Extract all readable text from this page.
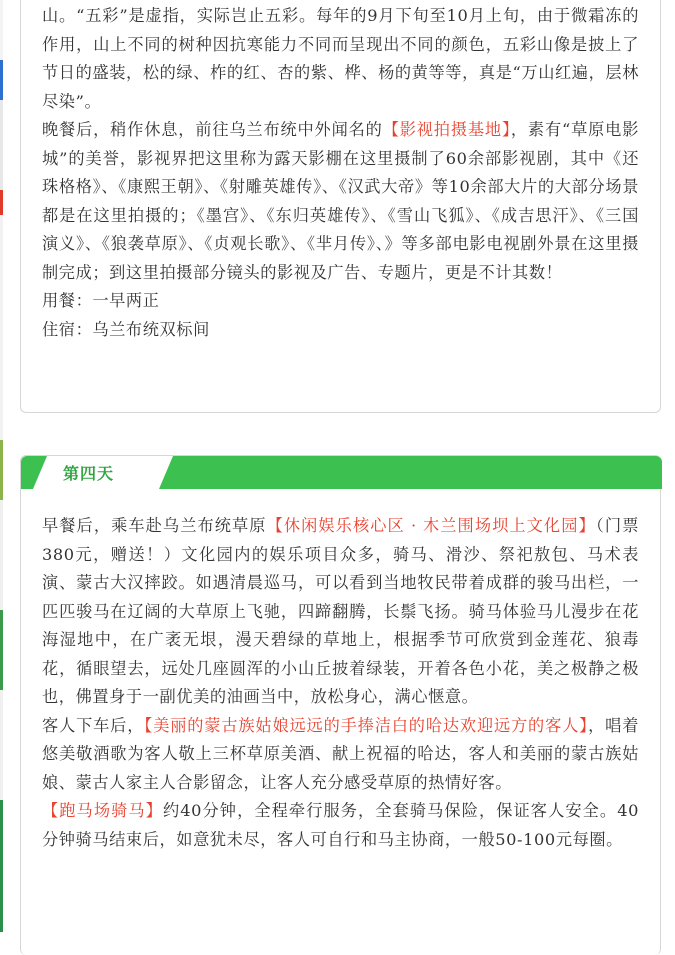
山。“五彩”是虚指，实际岂止五彩。每年的9月下旬至10月上旬，由于微霜冻的作用，山上不同的树种因抗寒能力不同而呈现出不同的颜色，五彩山像是披上了节日的盛装，松的绿、柞的红、杏的紫、桦、杨的黄等等，真是“万山红遍，层林尽染”。

晚餐后，稍作休息，前往乌兰布统中外闻名的【影视拍摄基地】，素有“草原电影城”的美誉，影视界把这里称为露天影棚在这里摄制了60余部影视剧，其中《还珠格格》、《康熙王朝》、《射雕英雄传》、《汉武大帝》等10余部大片的大部分场景都是在这里拍摄的；《墨宫》、《东归英雄传》、《雪山飞狐》、《成吉思汗》、《三国演义》、《狼袭草原》、《贞观长歌》、《芈月传》、》等多部电影电视剧外景在这里摄制完成；到这里拍摄部分镜头的影视及广告、专题片，更是不计其数！

用餐：一早两正

住宿：乌兰布统双标间

第四天

早餐后，乘车赴乌兰布统草原【休闲娱乐核心区 · 木兰围场坝上文化园】（门票380元，赠送！）文化园内的娱乐项目众多，骑马、滑沙、祭祀敖包、马术表演、蒙古大汉摔跤。如遇清晨巡马，可以看到当地牧民带着成群的骏马出栏，一匹匹骏马在辽阔的大草原上飞驰，四蹄翻腾，长鬃飞扬。骑马体验马儿漫步在花海湿地中，在广袤无垠，漫天碧绿的草地上，根据季节可欣赏到金莲花、狼毒花，循眼望去，远处几座圆浑的小山丘披着绿装，开着各色小花，美之极静之极也，佛置身于一副优美的油画当中，放松身心，满心惬意。

客人下车后，【美丽的蒙古族姑娘远远的手捧洁白的哈达欢迎远方的客人】，唱着悠美敬酒歌为客人敬上三杯草原美酒、献上祝福的哈达，客人和美丽的蒙古族姑娘、蒙古人家主人合影留念，让客人充分感受草原的热情好客。

【跑马场骑马】约40分钟，全程牵行服务，全套骑马保险，保证客人安全。40分钟骑马结束后，如意犹未尽，客人可自行和马主协商，一般50-100元每圈。
